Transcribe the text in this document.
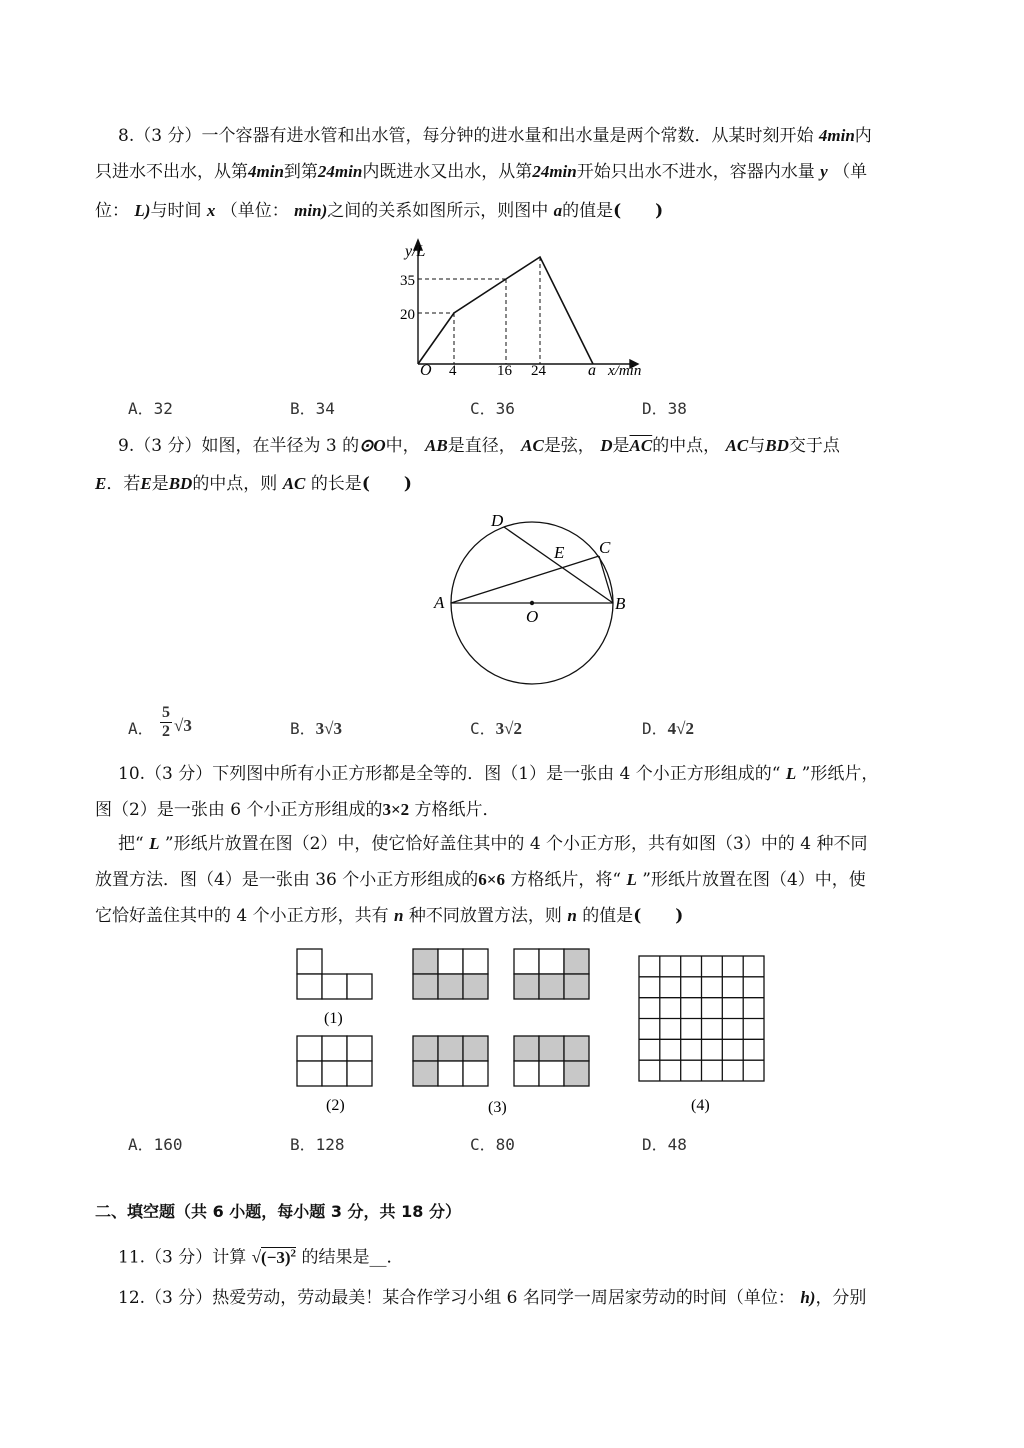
8.（3 分）一个容器有进水管和出水管，每分钟的进水量和出水量是两个常数．从某时刻开始 4min内
只进水不出水，从第4min到第24min内既进水又出水，从第24min开始只出水不进水，容器内水量 y （单
位： L)与时间 x （单位： min)之间的关系如图所示，则图中 a的值是(　　)
y/L
35
20
O 4	16 24	a x/min
A．32	B．34	C．36	D．38
9.（3 分）如图，在半径为 3 的⊙O中， AB是直径， AC是弦， D是$\overline{AC}$的中点， AC与BD交于点
E．若E是BD的中点，则 AC 的长是(　　)
A	B
C
D
E
O
A． $\frac{5}{2} √3$	B．3√3	C．3√2	D．4√2
10.（3 分）下列图中所有小正方形都是全等的．图（1）是一张由 4 个小正方形组成的“ L ”形纸片，
图（2）是一张由 6 个小正方形组成的3×2 方格纸片．
把“ L ”形纸片放置在图（2）中，使它恰好盖住其中的 4 个小正方形，共有如图（3）中的 4 种不同
放置方法．图（4）是一张由 36 个小正方形组成的6×6 方格纸片，将“ L ”形纸片放置在图（4）中，使
它恰好盖住其中的 4 个小正方形，共有 n 种不同放置方法，则 n 的值是(　　)
(1)
(2)	(3)	(4)
A．160	B．128	C．80	D．48
二、填空题（共 6 小题，每小题 3 分，共 18 分）
11.（3 分）计算 $√(-3)^2$ 的结果是__．
12.（3 分）热爱劳动，劳动最美！某合作学习小组 6 名同学一周居家劳动的时间（单位： h)，分别
